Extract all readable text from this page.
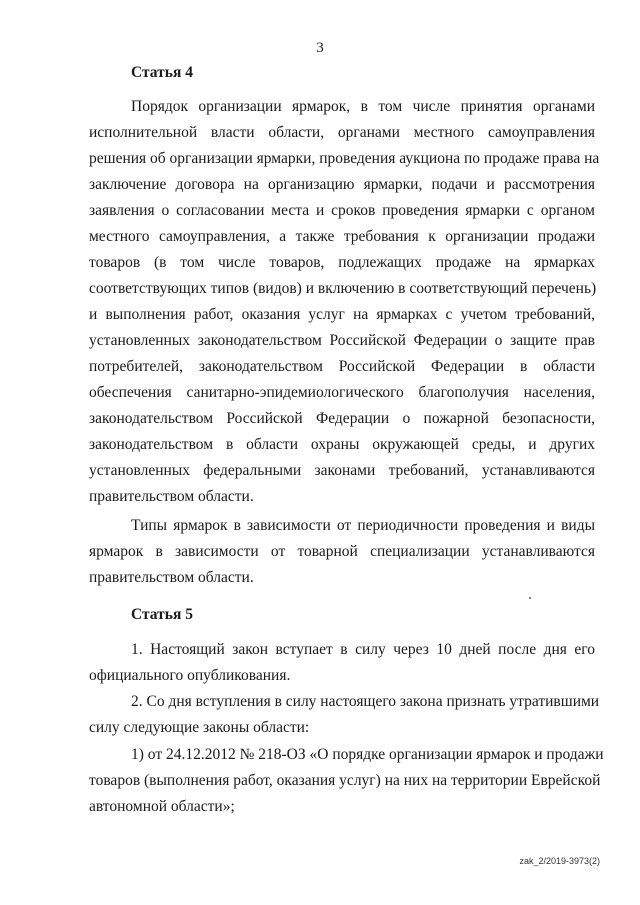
3
Статья 4
Порядок организации ярмарок, в том числе принятия органами
исполнительной власти области, органами местного самоуправления
решения об организации ярмарки, проведения аукциона по продаже права на
заключение договора на организацию ярмарки, подачи и рассмотрения
заявления о согласовании места и сроков проведения ярмарки с органом
местного самоуправления, а также требования к организации продажи
товаров (в том числе товаров, подлежащих продаже на ярмарках
соответствующих типов (видов) и включению в соответствующий перечень)
и выполнения работ, оказания услуг на ярмарках с учетом требований,
установленных законодательством Российской Федерации о защите прав
потребителей, законодательством Российской Федерации в области
обеспечения санитарно-эпидемиологического благополучия населения,
законодательством Российской Федерации о пожарной безопасности,
законодательством в области охраны окружающей среды, и других
установленных федеральными законами требований, устанавливаются
правительством области.
Типы ярмарок в зависимости от периодичности проведения и виды
ярмарок в зависимости от товарной специализации устанавливаются
правительством области.
Статья 5
1. Настоящий закон вступает в силу через 10 дней после дня его
официального опубликования.
2. Со дня вступления в силу настоящего закона признать утратившими
силу следующие законы области:
1) от 24.12.2012 № 218-ОЗ «О порядке организации ярмарок и продажи
товаров (выполнения работ, оказания услуг) на них на территории Еврейской
автономной области»;
zak_2/2019-3973(2)
